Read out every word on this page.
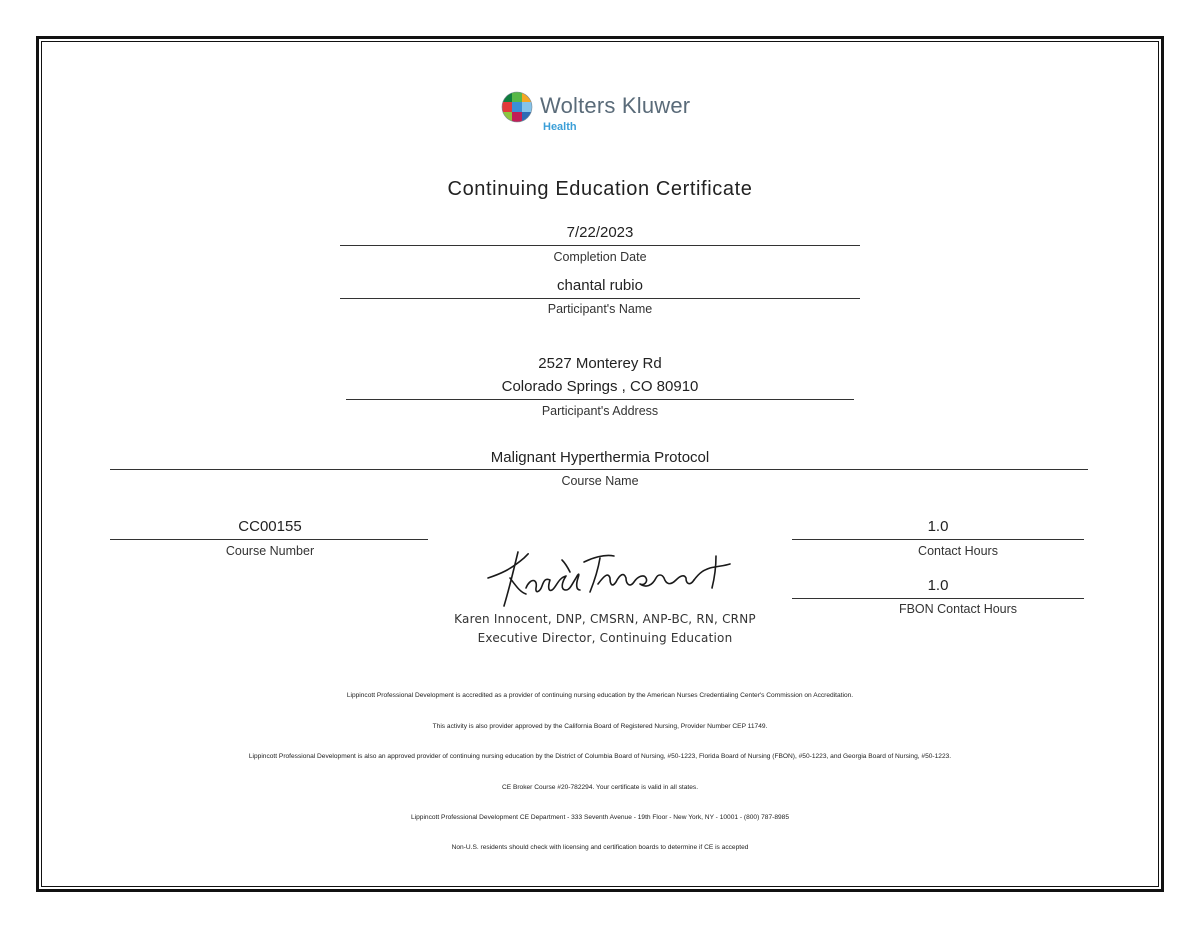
Wolters Kluwer
Health
Continuing Education Certificate
7/22/2023
Completion Date
chantal rubio
Participant's Name
2527 Monterey Rd
Colorado Springs , CO 80910
Participant's Address
Malignant Hyperthermia Protocol
Course Name
CC00155
Course Number
1.0
Contact Hours
1.0
FBON Contact Hours
Karen Innocent, DNP, CMSRN, ANP-BC, RN, CRNP
Executive Director, Continuing Education
Lippincott Professional Development is accredited as a provider of continuing nursing education by the American Nurses Credentialing Center's Commission on Accreditation.
This activity is also provider approved by the California Board of Registered Nursing, Provider Number CEP 11749.
Lippincott Professional Development is also an approved provider of continuing nursing education by the District of Columbia Board of Nursing, #50-1223, Florida Board of Nursing (FBON), #50-1223, and Georgia Board of Nursing, #50-1223.
CE Broker Course #20-782294. Your certificate is valid in all states.
Lippincott Professional Development CE Department - 333 Seventh Avenue - 19th Floor - New York, NY - 10001 - (800) 787-8985
Non-U.S. residents should check with licensing and certification boards to determine if CE is accepted
